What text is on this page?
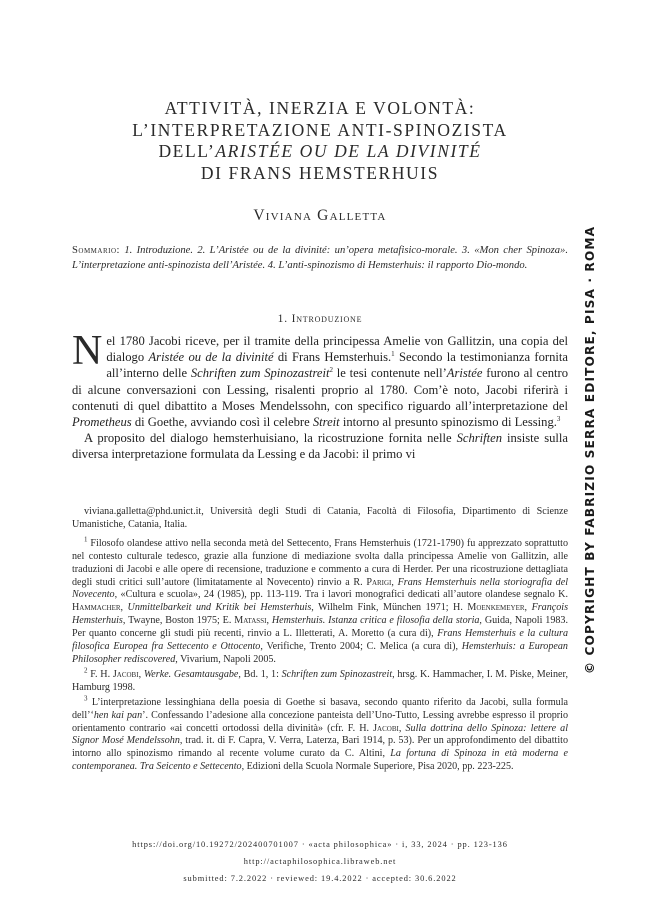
ATTIVITÀ, INERZIA E VOLONTÀ:
L’INTERPRETAZIONE ANTI-SPINOZISTA
DELL’ARISTÉE OU DE LA DIVINITÉ
DI FRANS HEMSTERHUIS
Viviana Galletta
Sommario: 1. Introduzione. 2. L’Aristée ou de la divinité: un’opera metafisico-morale. 3. «Mon cher Spinoza». L’interpretazione anti-spinozista dell’Aristée. 4. L’anti-spinozismo di Hemsterhuis: il rapporto Dio-mondo.
1. Introduzione

Nel 1780 Jacobi riceve, per il tramite della principessa Amelie von Gallitzin, una copia del dialogo Aristée ou de la divinité di Frans Hemsterhuis.$^1$ Secondo la testimonianza fornita all’interno delle Schriften zum Spinozastreit$^2$ le tesi contenute nell’Aristée furono al centro di alcune conversazioni con Lessing, risalenti proprio al 1780. Com’è noto, Jacobi riferirà i contenuti di quel dibattito a Moses Mendelssohn, con specifico riguardo all’interpretazione del Prometheus di Goethe, avviando così il celebre Streit intorno al presunto spinozismo di Lessing.$^3$

A proposito del dialogo hemsterhuisiano, la ricostruzione fornita nelle Schriften insiste sulla diversa interpretazione formulata da Lessing e da Jacobi: il primo vi

viviana.galletta@phd.unict.it, Università degli Studi di Catania, Facoltà di Filosofia, Dipartimento di Scienze Umanistiche, Catania, Italia.

$^1$ Filosofo olandese attivo nella seconda metà del Settecento, Frans Hemsterhuis (1721-1790) fu apprezzato soprattutto nel contesto culturale tedesco, grazie alla funzione di mediazione svolta dalla principessa Amelie von Gallitzin, alle traduzioni di Jacobi e alle opere di recensione, traduzione e commento a cura di Herder. Per una ricostruzione dettagliata degli studi critici sull’autore (limitatamente al Novecento) rinvio a R. Parigi, Frans Hemsterhuis nella storiografia del Novecento, «Cultura e scuola», 24 (1985), pp. 113-119. Tra i lavori monografici dedicati all’autore olandese segnalo K. Hammacher, Unmittelbarkeit und Kritik bei Hemsterhuis, Wilhelm Fink, München 1971; H. Moenkemeyer, François Hemsterhuis, Twayne, Boston 1975; E. Matassi, Hemsterhuis. Istanza critica e filosofia della storia, Guida, Napoli 1983. Per quanto concerne gli studi più recenti, rinvio a L. Illetterati, A. Moretto (a cura di), Frans Hemsterhuis e la cultura filosofica Europea fra Settecento e Ottocento, Verifiche, Trento 2004; C. Melica (a cura di), Hemsterhuis: a European Philosopher rediscovered, Vivarium, Napoli 2005.

$^2$ F. H. Jacobi, Werke. Gesamtausgabe, Bd. 1, 1: Schriften zum Spinozastreit, hrsg. K. Hammacher, I. M. Piske, Meiner, Hamburg 1998.

$^3$ L’interpretazione lessinghiana della poesia di Goethe si basava, secondo quanto riferito da Jacobi, sulla formula dell’‘hen kai pan’. Confessando l’adesione alla concezione panteista dell’Uno-Tutto, Lessing avrebbe espresso il proprio orientamento contrario «ai concetti ortodossi della divinità» (cfr. F. H. Jacobi, Sulla dottrina dello Spinoza: lettere al Signor Mosé Mendelssohn, trad. it. di F. Capra, V. Verra, Laterza, Bari 1914, p. 53). Per un approfondimento del dibattito intorno allo spinozismo rimando al recente volume curato da C. Altini, La fortuna di Spinoza in età moderna e contemporanea. Tra Seicento e Settecento, Edizioni della Scuola Normale Superiore, Pisa 2020, pp. 223-225.

https://doi.org/10.19272/202400701007 · «acta philosophica» · i, 33, 2024 · pp. 123-136
http://actaphilosophica.libraweb.net
submitted: 7.2.2022 · reviewed: 19.4.2022 · accepted: 30.6.2022
© COPYRIGHT BY FABRIZIO SERRA EDITORE, PISA · ROMA
